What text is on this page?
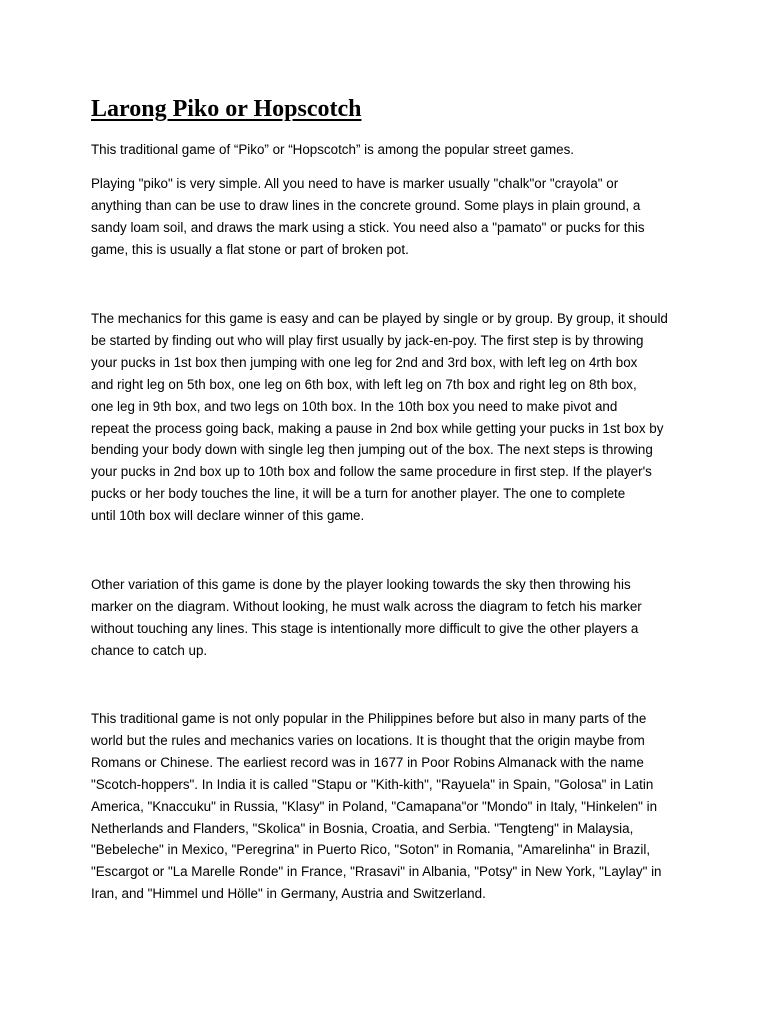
Larong Piko or Hopscotch

This traditional game of “Piko” or “Hopscotch” is among the popular street games.

Playing "piko" is very simple. All you need to have is marker usually "chalk"or "crayola" or
anything than can be use to draw lines in the concrete ground. Some plays in plain ground, a
sandy loam soil, and draws the mark using a stick. You need also a "pamato" or pucks for this
game, this is usually a flat stone or part of broken pot.

The mechanics for this game is easy and can be played by single or by group. By group, it should
be started by finding out who will play first usually by jack-en-poy. The first step is by throwing
your pucks in 1st box then jumping with one leg for 2nd and 3rd box, with left leg on 4rth box
and right leg on 5th box, one leg on 6th box, with left leg on 7th box and right leg on 8th box,
one leg in 9th box, and two legs on 10th box. In the 10th box you need to make pivot and
repeat the process going back, making a pause in 2nd box while getting your pucks in 1st box by
bending your body down with single leg then jumping out of the box. The next steps is throwing
your pucks in 2nd box up to 10th box and follow the same procedure in first step. If the player's
pucks or her body touches the line, it will be a turn for another player. The one to complete
until 10th box will declare winner of this game.

Other variation of this game is done by the player looking towards the sky then throwing his
marker on the diagram. Without looking, he must walk across the diagram to fetch his marker
without touching any lines. This stage is intentionally more difficult to give the other players a
chance to catch up.

This traditional game is not only popular in the Philippines before but also in many parts of the
world but the rules and mechanics varies on locations. It is thought that the origin maybe from
Romans or Chinese. The earliest record was in 1677 in Poor Robins Almanack with the name
"Scotch-hoppers". In India it is called "Stapu or "Kith-kith", "Rayuela" in Spain, "Golosa" in Latin
America, "Knaccuku" in Russia, "Klasy" in Poland, "Camapana"or "Mondo" in Italy, "Hinkelen" in
Netherlands and Flanders, "Skolica" in Bosnia, Croatia, and Serbia. "Tengteng" in Malaysia,
"Bebeleche" in Mexico, "Peregrina" in Puerto Rico, "Soton" in Romania, "Amarelinha" in Brazil,
"Escargot or "La Marelle Ronde" in France, "Rrasavi" in Albania, "Potsy" in New York, "Laylay" in
Iran, and "Himmel und Hölle" in Germany, Austria and Switzerland.
